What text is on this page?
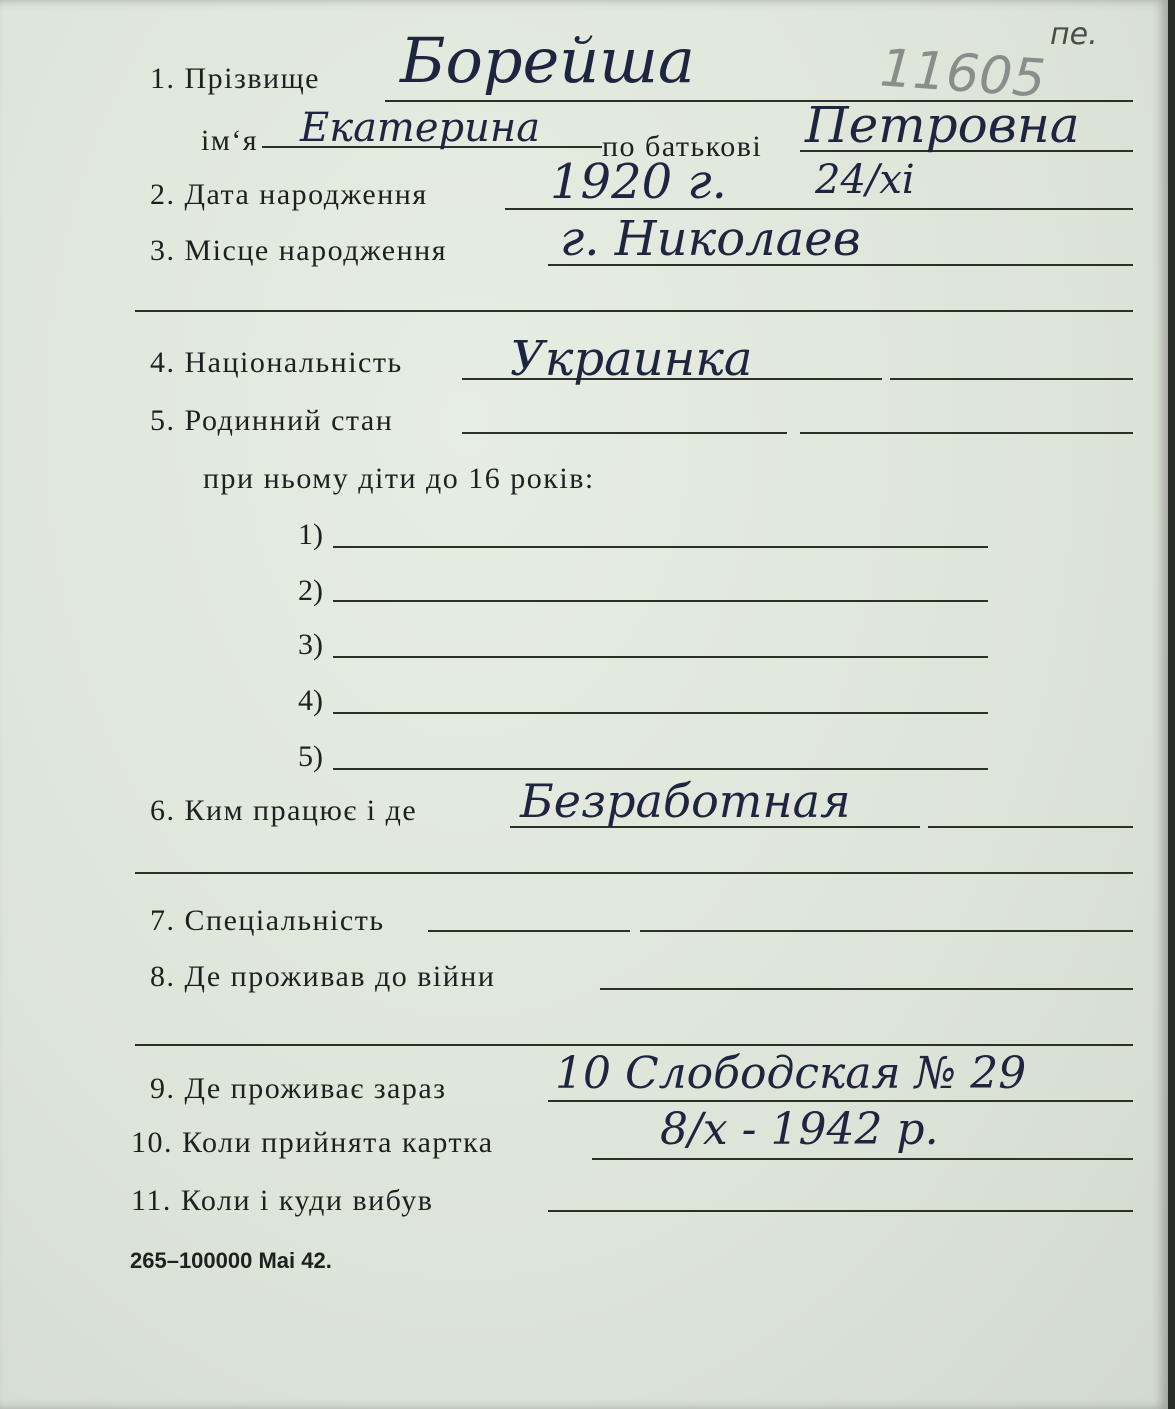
11605
пе.
1. Прізвище Борейша
ім‘я Екатерина по батькові Петровна
2. Дата народження	1920 г. 24/xi
3. Місце народження г. Николаев
4. Національність Украинка
5. Родинний стан
при ньому діти до 16 років:
1)
2)
3)
4)
5)
6. Ким працює і де Безработная
7. Спеціальність
8. Де проживав до війни
9. Де проживає зараз 10 Слободская № 29
10. Коли прийнята картка	8/x - 1942 р.
11. Коли і куди вибув
265–100000 Mai 42.
